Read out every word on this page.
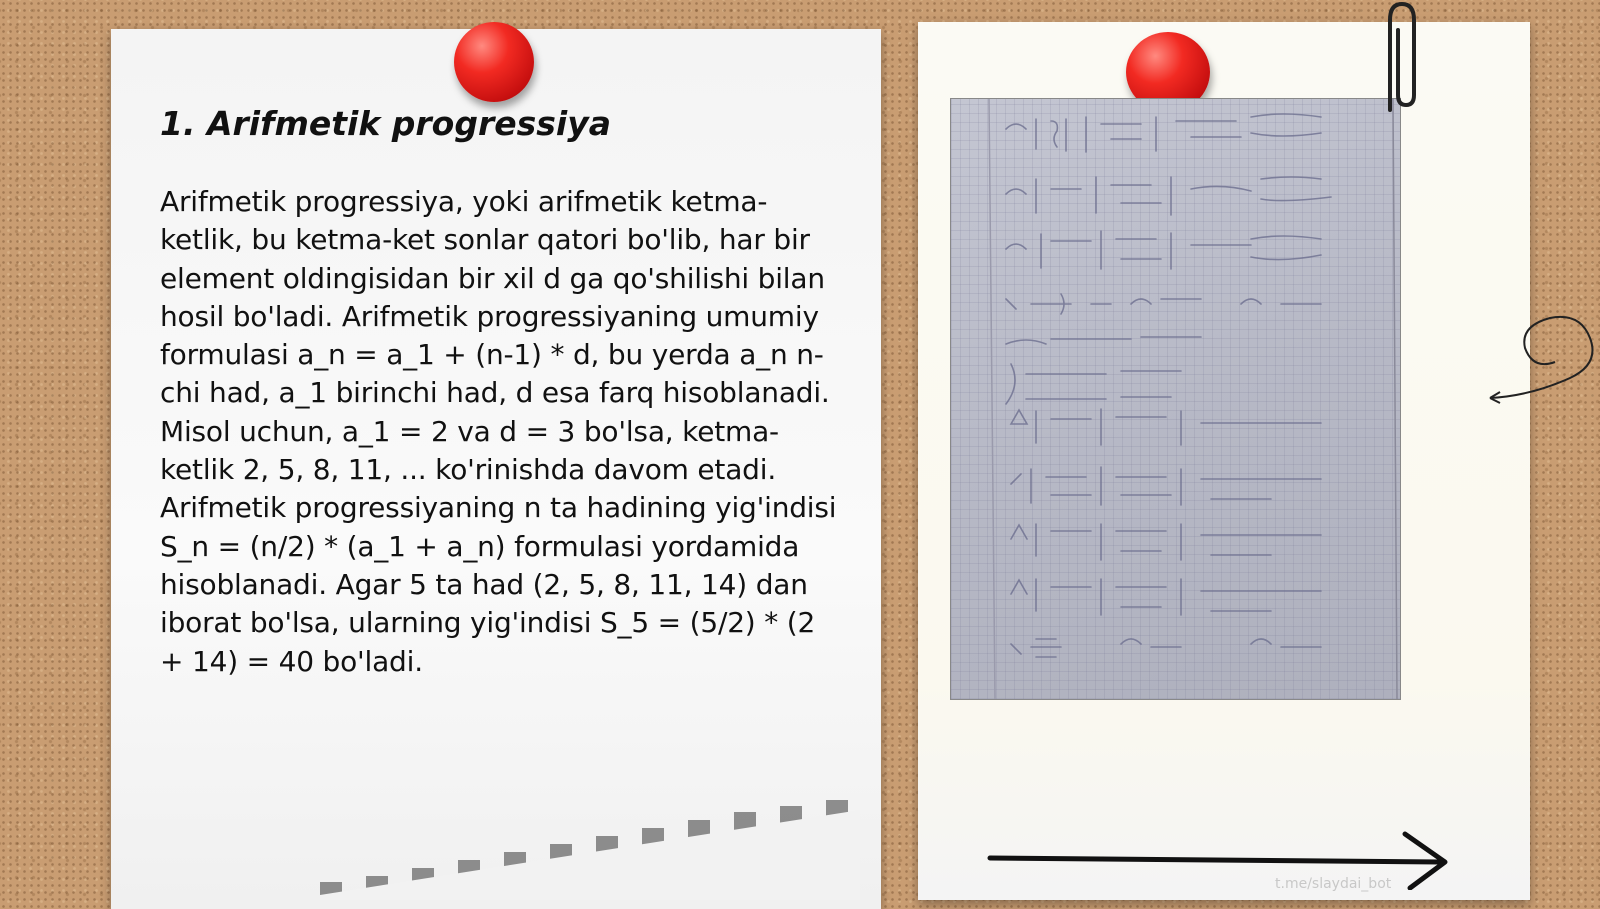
1. Arifmetik progressiya

Arifmetik progressiya, yoki arifmetik ketma-ketlik, bu ketma-ket sonlar qatori bo'lib, har bir element oldingisidan bir xil d ga qo'shilishi bilan hosil bo'ladi. Arifmetik progressiyaning umumiy formulasi a_n = a_1 + (n-1) * d, bu yerda a_n n-chi had, a_1 birinchi had, d esa farq hisoblanadi. Misol uchun, a_1 = 2 va d = 3 bo'lsa, ketma-ketlik 2, 5, 8, 11, ... ko'rinishda davom etadi. Arifmetik progressiyaning n ta hadining yig'indisi S_n = (n/2) * (a_1 + a_n) formulasi yordamida hisoblanadi. Agar 5 ta had (2, 5, 8, 11, 14) dan iborat bo'lsa, ularning yig'indisi S_5 = (5/2) * (2 + 14) = 40 bo'ladi.

t.me/slaydai_bot
